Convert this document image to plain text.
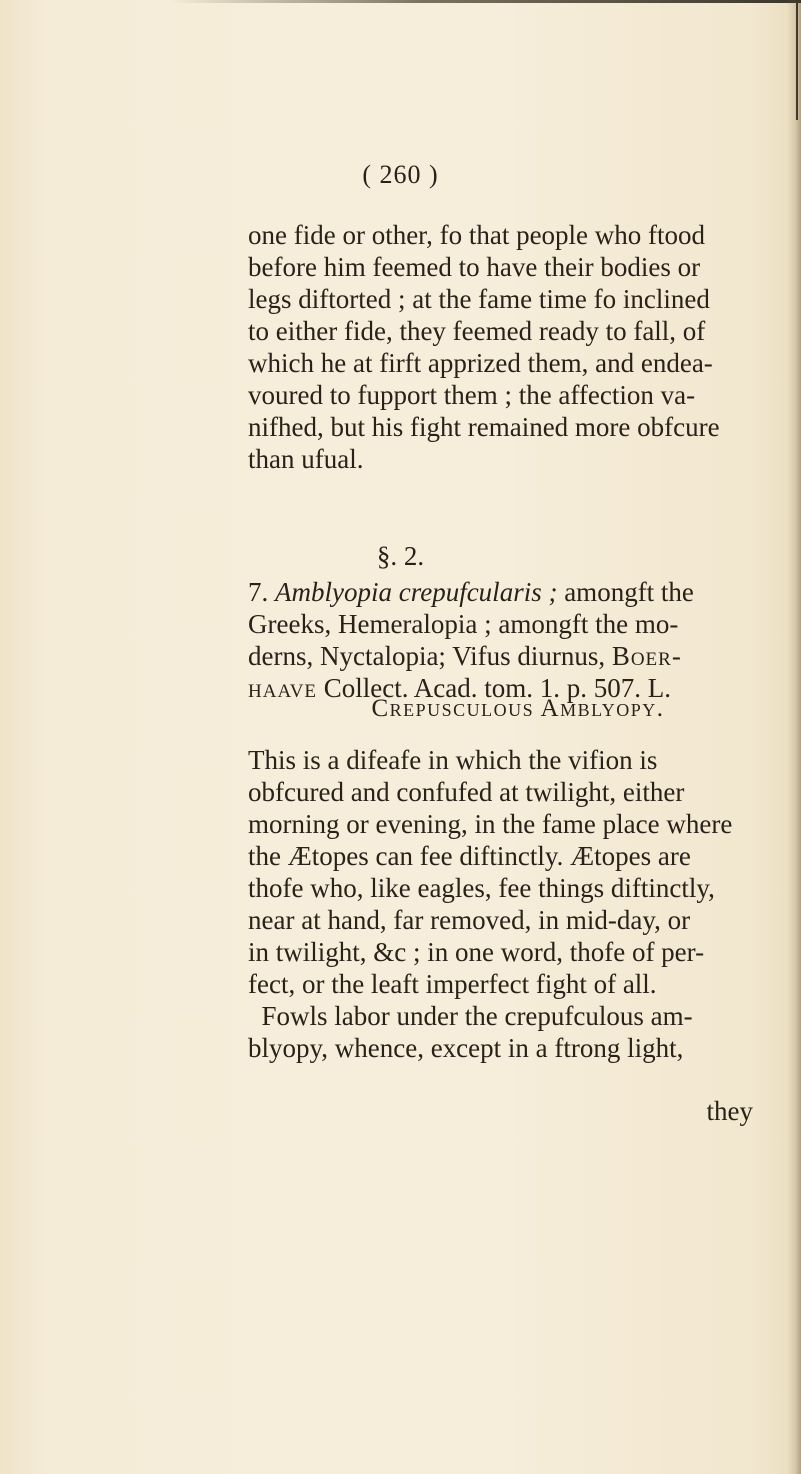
( 260 )
one fide or other, fo that people who ftood
before him feemed to have their bodies or
legs diftorted ; at the fame time fo inclined
to either fide, they feemed ready to fall, of
which he at firft apprized them, and endea-
voured to fupport them ; the affection va-
nifhed, but his fight remained more obfcure
than ufual.
§. 2.
7. Amblyopia crepufcularis ; amongft the
Greeks, Hemeralopia ; amongft the mo-
derns, Nyctalopia; Vifus diurnus, Boer-
haave Collect. Acad. tom. 1. p. 507. L.
Crepusculous Amblyopy.
This is a difeafe in which the vifion is
obfcured and confufed at twilight, either
morning or evening, in the fame place where
the Ætopes can fee diftinctly. Ætopes are
thofe who, like eagles, fee things diftinctly,
near at hand, far removed, in mid-day, or
in twilight, &c ; in one word, thofe of per-
fect, or the leaft imperfect fight of all.
Fowls labor under the crepufculous am-
blyopy, whence, except in a ftrong light,
they
